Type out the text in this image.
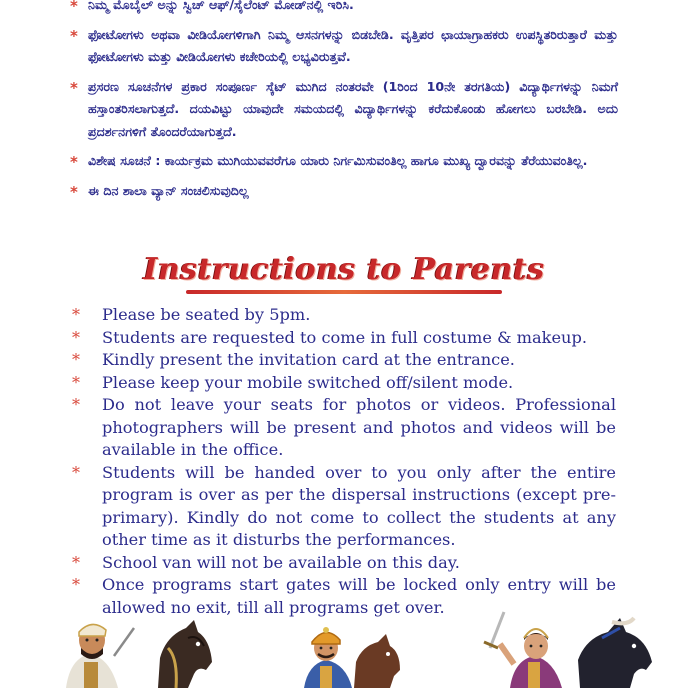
* ನಿಮ್ಮ ಮೊಬೈಲ್ ಅನ್ನು ಸ್ವಿಚ್ ಆಫ್/ಸೈಲೆಂಟ್ ಮೋಡ್‌ನಲ್ಲಿ ಇರಿಸಿ.
* ಫೋಟೋಗಳು ಅಥವಾ ವೀಡಿಯೋಗಳಿಗಾಗಿ ನಿಮ್ಮ ಆಸನಗಳನ್ನು ಬಿಡಬೇಡಿ. ವೃತ್ತಿಪರ ಛಾಯಾಗ್ರಾಹಕರು ಉಪಸ್ಥಿತರಿರುತ್ತಾರೆ ಮತ್ತು ಫೋಟೋಗಳು ಮತ್ತು ವೀಡಿಯೋಗಳು ಕಚೇರಿಯಲ್ಲಿ ಲಭ್ಯವಿರುತ್ತವೆ.
* ಪ್ರಸರಣ ಸೂಚನೆಗಳ ಪ್ರಕಾರ ಸಂಪೂರ್ಣ ಸ್ಕೆಟ್ ಮುಗಿದ ನಂತರವೇ (1ರಿಂದ 10ನೇ ತರಗತಿಯ) ವಿದ್ಯಾರ್ಥಿಗಳನ್ನು ನಿಮಗೆ ಹಸ್ತಾಂತರಿಸಲಾಗುತ್ತದೆ. ದಯವಿಟ್ಟು ಯಾವುದೇ ಸಮಯದಲ್ಲಿ ವಿದ್ಯಾರ್ಥಿಗಳನ್ನು ಕರೆದುಕೊಂಡು ಹೋಗಲು ಬರಬೇಡಿ. ಅದು ಪ್ರದರ್ಶನಗಳಿಗೆ ತೊಂದರೆಯಾಗುತ್ತದೆ.
* ವಿಶೇಷ ಸೂಚನೆ : ಕಾರ್ಯಕ್ರಮ ಮುಗಿಯುವವರೆಗೂ ಯಾರು ನಿರ್ಗಮಿಸುವಂತಿಲ್ಲ ಹಾಗೂ ಮುಖ್ಯ ದ್ವಾರವನ್ನು ತೆರೆಯುವಂತಿಲ್ಲ.
* ಈ ದಿನ ಶಾಲಾ ವ್ಯಾನ್ ಸಂಚಲಿಸುವುದಿಲ್ಲ
Instructions to Parents
* Please be seated by 5pm.
* Students are requested to come in full costume & makeup.
* Kindly present the invitation card at the entrance.
* Please keep your mobile switched off/silent mode.
* Do not leave your seats for photos or videos. Professional photographers will be present and photos and videos will be available in the office.
* Students will be handed over to you only after the entire program is over as per the dispersal instructions (except pre-primary). Kindly do not come to collect the students at any other time as it disturbs the performances.
* School van will not be available on this day.
* Once programs start gates will be locked only entry will be allowed no exit, till all programs get over.
